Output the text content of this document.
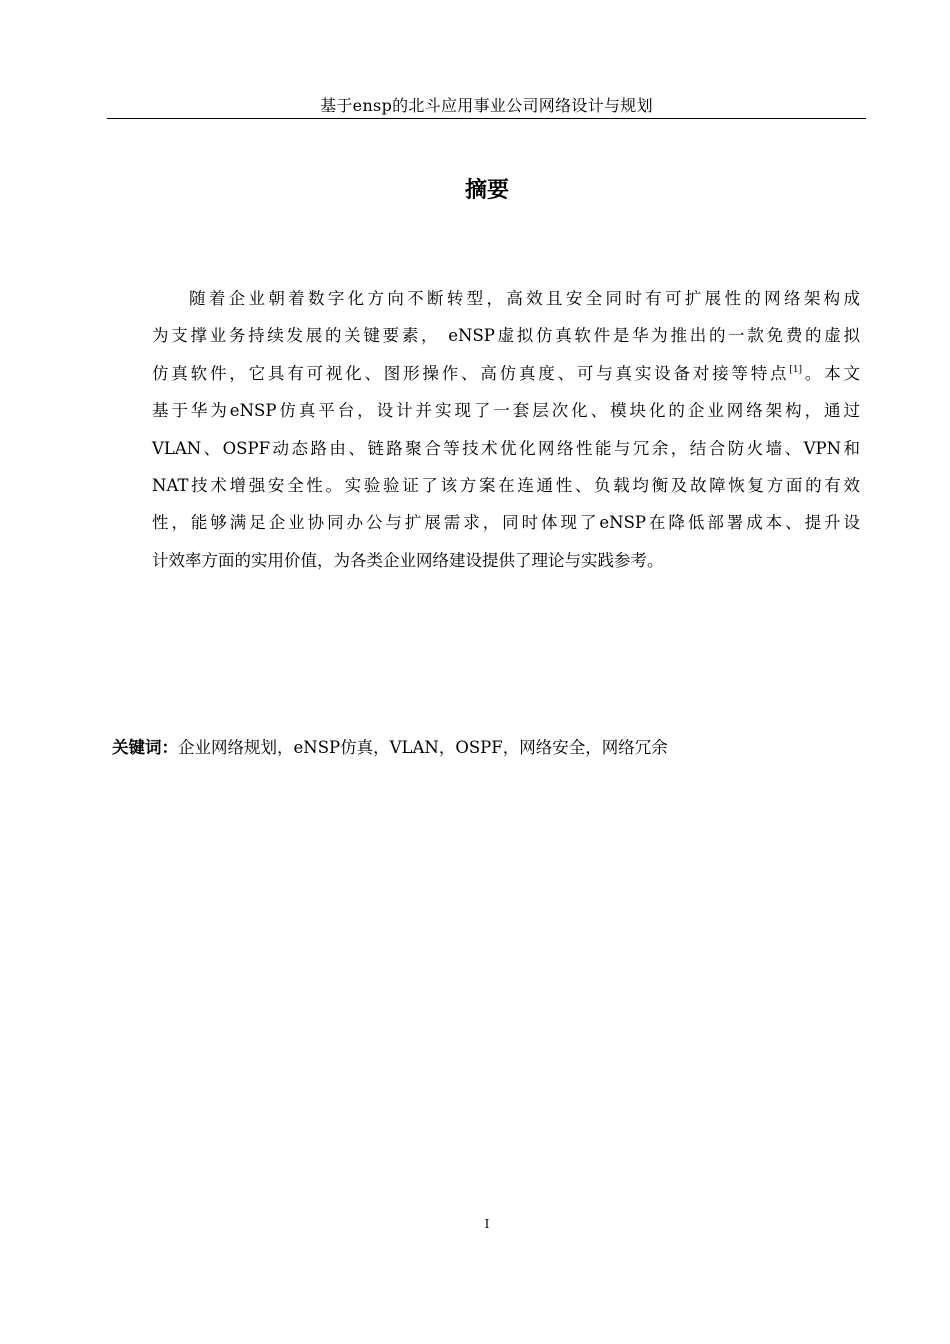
基于ensp的北斗应用事业公司网络设计与规划
摘要
随着企业朝着数字化方向不断转型，高效且安全同时有可扩展性的网络架构成
为支撑业务持续发展的关键要素， eNSP虚拟仿真软件是华为推出的一款免费的虚拟
仿真软件，它具有可视化、图形操作、高仿真度、可与真实设备对接等特点[1]。本文
基于华为eNSP仿真平台，设计并实现了一套层次化、模块化的企业网络架构，通过
VLAN、OSPF动态路由、链路聚合等技术优化网络性能与冗余，结合防火墙、VPN和
NAT技术增强安全性。实验验证了该方案在连通性、负载均衡及故障恢复方面的有效
性，能够满足企业协同办公与扩展需求，同时体现了eNSP在降低部署成本、提升设
计效率方面的实用价值，为各类企业网络建设提供了理论与实践参考。
关键词：企业网络规划，eNSP仿真，VLAN，OSPF，网络安全，网络冗余
I
